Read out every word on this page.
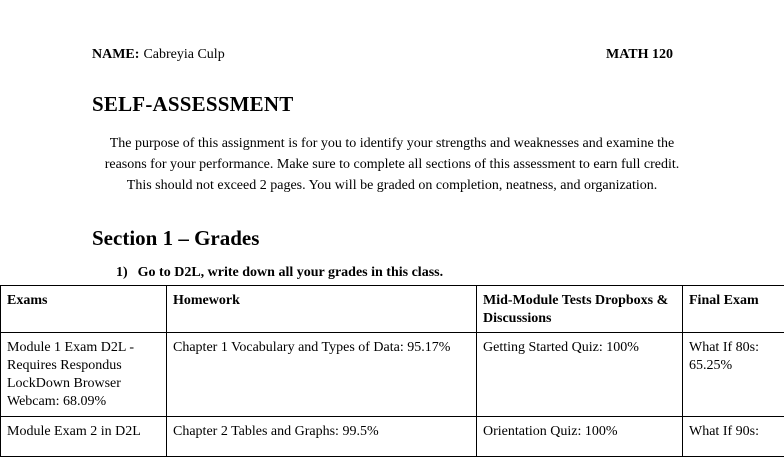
NAME: Cabreyia Culp	MATH 120
SELF-ASSESSMENT

The purpose of this assignment is for you to identify your strengths and weaknesses and examine the reasons for your performance. Make sure to complete all sections of this assessment to earn full credit. This should not exceed 2 pages. You will be graded on completion, neatness, and organization.

Section 1 – Grades
1) Go to D2L, write down all your grades in this class.
Exams	Homework	Mid-Module Tests Dropboxs & Discussions	Final Exam
Module 1 Exam D2L - Requires Respondus LockDown Browser Webcam: 68.09%	Chapter 1 Vocabulary and Types of Data: 95.17%	Getting Started Quiz: 100%	What If 80s: 65.25%
Module Exam 2 in D2L	Chapter 2 Tables and Graphs: 99.5%	Orientation Quiz: 100%	What If 90s:
